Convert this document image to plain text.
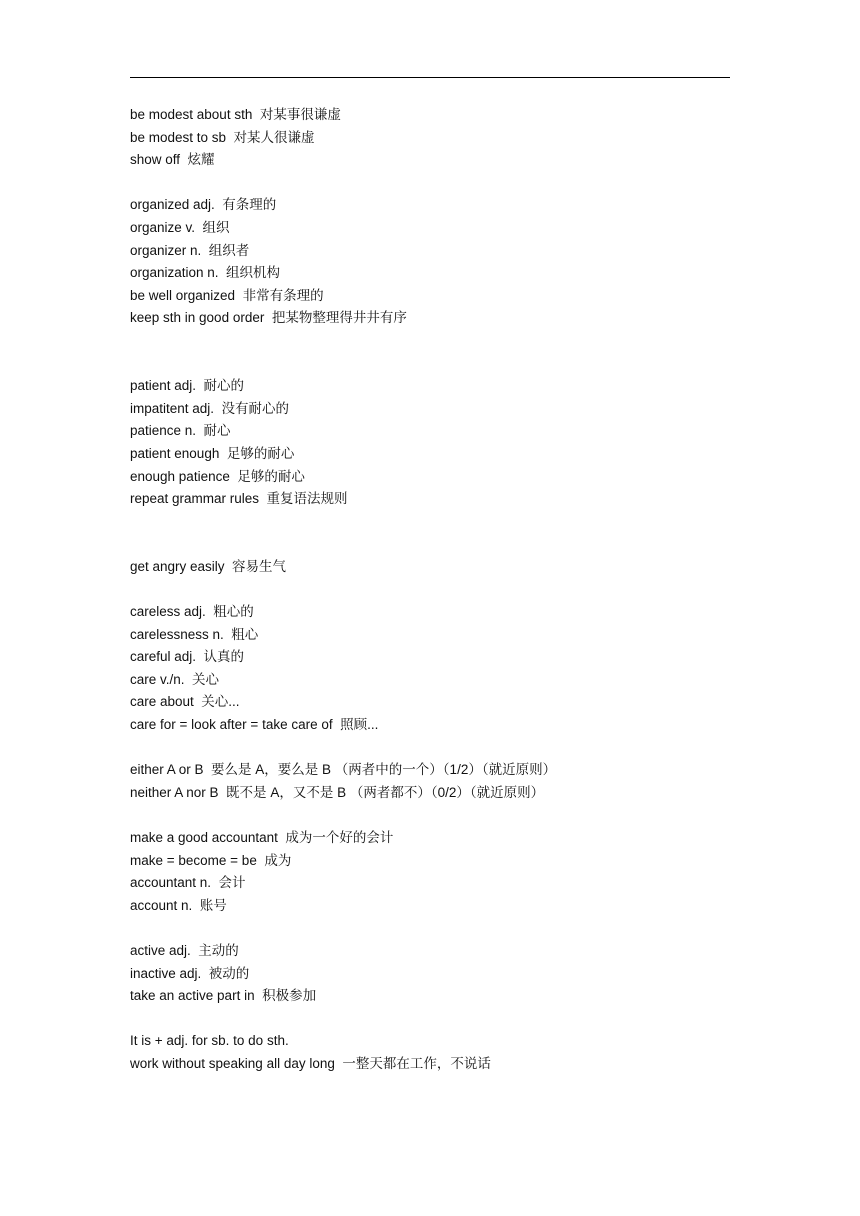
be modest about sth  对某事很谦虚
be modest to sb  对某人很谦虚
show off  炫耀
organized adj.  有条理的
organize v.  组织
organizer n.  组织者
organization n.  组织机构
be well organized  非常有条理的
keep sth in good order  把某物整理得井井有序
patient adj.  耐心的
impatitent adj.  没有耐心的
patience n.  耐心
patient enough  足够的耐心
enough patience  足够的耐心
repeat grammar rules  重复语法规则
get angry easily  容易生气
careless adj.  粗心的
carelessness n.  粗心
careful adj.  认真的
care v./n.  关心
care about  关心...
care for = look after = take care of  照顾...
either A or B  要么是 A，要么是 B （两者中的一个）（1/2）（就近原则）
neither A nor B  既不是 A，又不是 B （两者都不）（0/2）（就近原则）
make a good accountant  成为一个好的会计
make = become = be  成为
accountant n.  会计
account n.  账号
active adj.  主动的
inactive adj.  被动的
take an active part in  积极参加
It is + adj. for sb. to do sth.
work without speaking all day long  一整天都在工作，不说话
